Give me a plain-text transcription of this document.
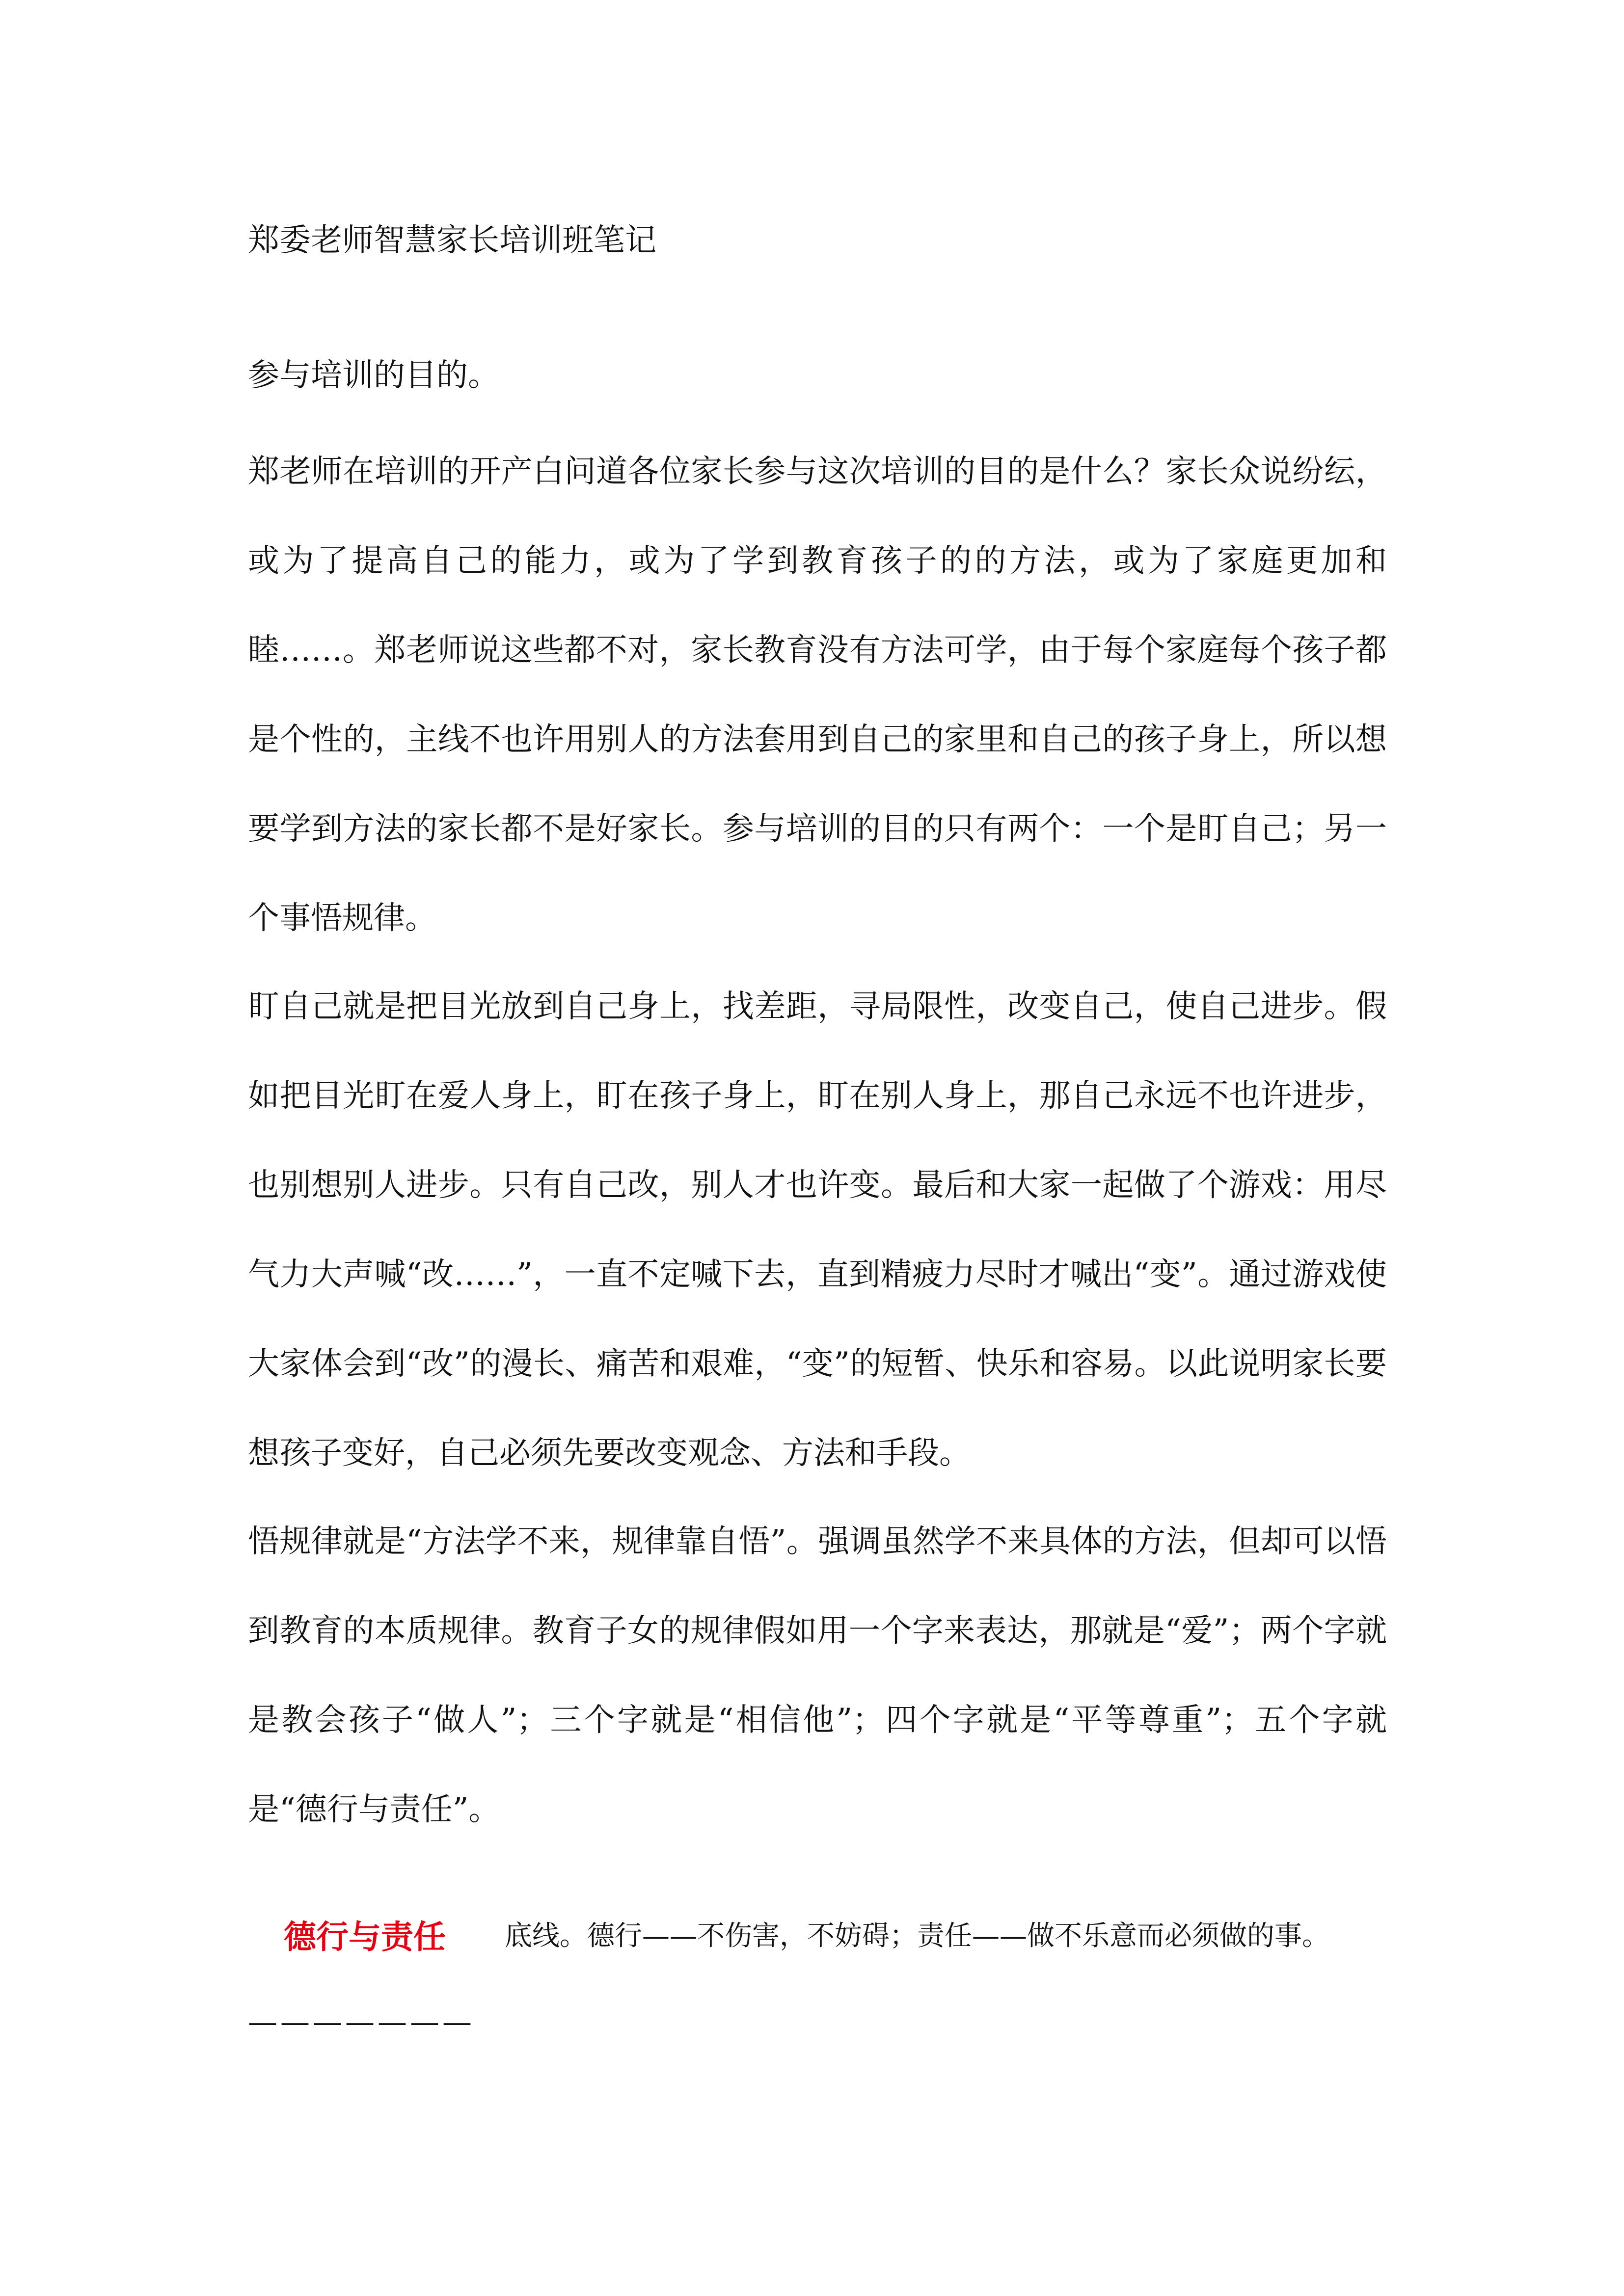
郑委老师智慧家长培训班笔记
参与培训的目的。
郑老师在培训的开产白问道各位家长参与这次培训的目的是什么？家长众说纷纭，或为了提高自己的能力，或为了学到教育孩子的的方法，或为了家庭更加和睦……。郑老师说这些都不对，家长教育没有方法可学，由于每个家庭每个孩子都是个性的，主线不也许用别人的方法套用到自己的家里和自己的孩子身上，所以想要学到方法的家长都不是好家长。参与培训的目的只有两个：一个是盯自己；另一个事悟规律。
盯自己就是把目光放到自己身上，找差距，寻局限性，改变自己，使自己进步。假如把目光盯在爱人身上，盯在孩子身上，盯在别人身上，那自己永远不也许进步，也别想别人进步。只有自己改，别人才也许变。最后和大家一起做了个游戏：用尽气力大声喊“改……”，一直不定喊下去，直到精疲力尽时才喊出“变”。通过游戏使大家体会到“改”的漫长、痛苦和艰难，“变”的短暂、快乐和容易。以此说明家长要想孩子变好，自己必须先要改变观念、方法和手段。
悟规律就是“方法学不来，规律靠自悟”。强调虽然学不来具体的方法，但却可以悟到教育的本质规律。教育子女的规律假如用一个字来表达，那就是“爱”；两个字就是教会孩子“做人”；三个字就是“相信他”；四个字就是“平等尊重”；五个字就是“德行与责任”。
德行与责任 底线。德行——不伤害，不妨碍；责任——做不乐意而必须做的事。
———————
